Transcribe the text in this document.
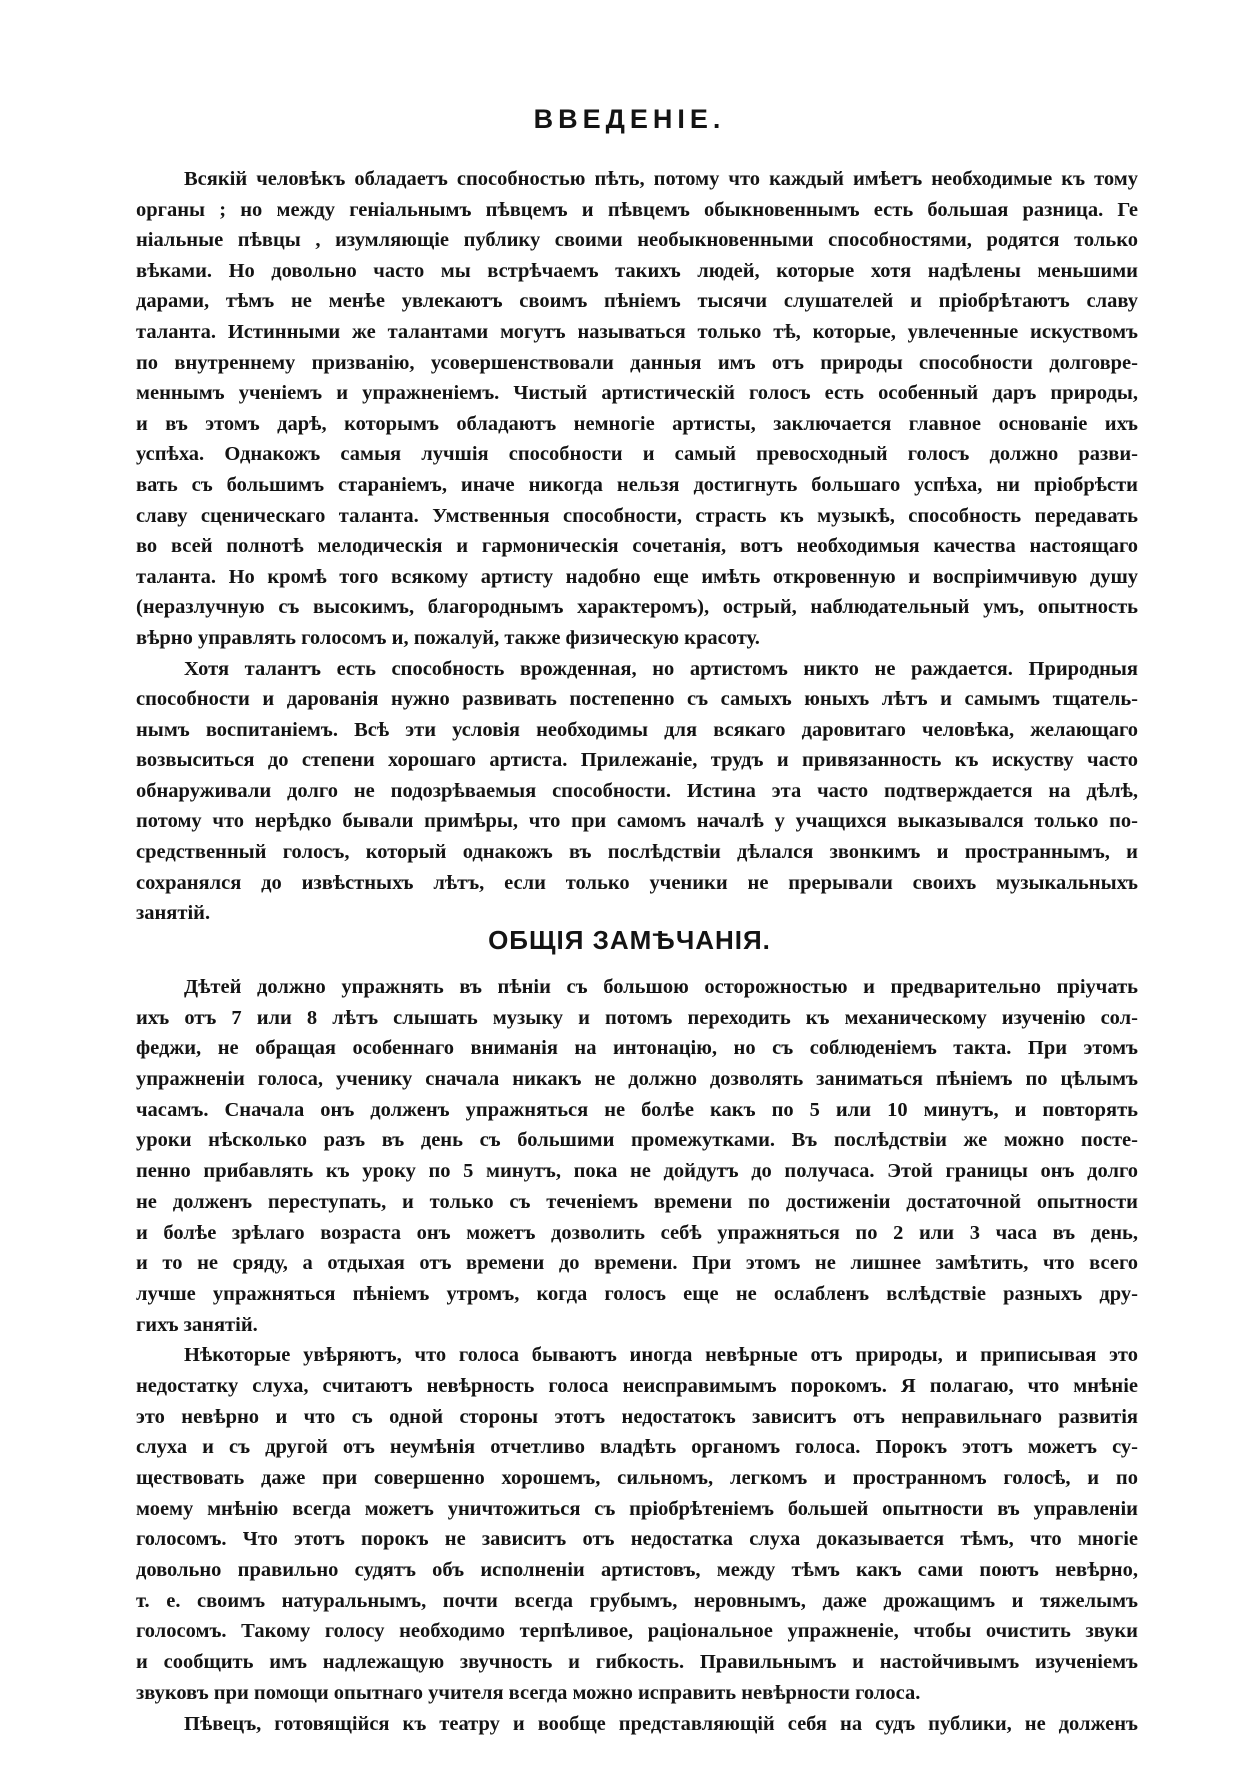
ВВЕДЕНІЕ.
Всякій человѣкъ обладаетъ способностью пѣть, потому что каждый имѣетъ необходимые къ тому
органы ; но между геніальнымъ пѣвцемъ и пѣвцемъ обыкновеннымъ есть большая разница. Ге
ніальные пѣвцы , изумляющіе публику своими необыкновенными способностями, родятся только
вѣками. Но довольно часто мы встрѣчаемъ такихъ людей, которые хотя надѣлены меньшими
дарами, тѣмъ не менѣе увлекаютъ своимъ пѣніемъ тысячи слушателей и пріобрѣтаютъ славу
таланта. Истинными же талантами могутъ называться только тѣ, которые, увлеченные искуствомъ
по внутреннему призванію, усовершенствовали данныя имъ отъ природы способности долговре-
меннымъ ученіемъ и упражненіемъ. Чистый артистическій голосъ есть особенный даръ природы,
и въ этомъ дарѣ, которымъ обладаютъ немногіе артисты, заключается главное основаніе ихъ
успѣха. Однакожъ самыя лучшія способности и самый превосходный голосъ должно разви-
вать съ большимъ стараніемъ, иначе никогда нельзя достигнуть большаго успѣха, ни пріобрѣсти
славу сценическаго таланта. Умственныя способности, страсть къ музыкѣ, способность передавать
во всей полнотѣ мелодическія и гармоническія сочетанія, вотъ необходимыя качества настоящаго
таланта. Но кромѣ того всякому артисту надобно еще имѣть откровенную и воспріимчивую душу
(неразлучную съ высокимъ, благороднымъ характеромъ), острый, наблюдательный умъ, опытность
вѣрно управлять голосомъ и, пожалуй, также физическую красоту.
Хотя талантъ есть способность врожденная, но артистомъ никто не раждается. Природныя
способности и дарованія нужно развивать постепенно съ самыхъ юныхъ лѣтъ и самымъ тщатель-
нымъ воспитаніемъ. Всѣ эти условія необходимы для всякаго даровитаго человѣка, желающаго
возвыситься до степени хорошаго артиста. Прилежаніе, трудъ и привязанность къ искуству часто
обнаруживали долго не подозрѣваемыя способности. Истина эта часто подтверждается на дѣлѣ,
потому что нерѣдко бывали примѣры, что при самомъ началѣ у учащихся выказывался только по-
средственный голосъ, который однакожъ въ послѣдствіи дѣлался звонкимъ и пространнымъ, и
сохранялся до извѣстныхъ лѣтъ, если только ученики не прерывали своихъ музыкальныхъ
занятій.
ОБЩІЯ ЗАМѢЧАНІЯ.
Дѣтей должно упражнять въ пѣніи съ большою осторожностью и предварительно пріучать
ихъ отъ 7 или 8 лѣтъ слышать музыку и потомъ переходить къ механическому изученію сол-
феджи, не обращая особеннаго вниманія на интонацію, но съ соблюденіемъ такта. При этомъ
упражненіи голоса, ученику сначала никакъ не должно дозволять заниматься пѣніемъ по цѣлымъ
часамъ. Сначала онъ долженъ упражняться не болѣе какъ по 5 или 10 минутъ, и повторять
уроки нѣсколько разъ въ день съ большими промежутками. Въ послѣдствіи же можно посте-
пенно прибавлять къ уроку по 5 минутъ, пока не дойдутъ до получаса. Этой границы онъ долго
не долженъ переступать, и только съ теченіемъ времени по достиженіи достаточной опытности
и болѣе зрѣлаго возраста онъ можетъ дозволить себѣ упражняться по 2 или 3 часа въ день,
и то не сряду, а отдыхая отъ времени до времени. При этомъ не лишнее замѣтить, что всего
лучше упражняться пѣніемъ утромъ, когда голосъ еще не ослабленъ вслѣдствіе разныхъ дру-
гихъ занятій.
Нѣкоторые увѣряютъ, что голоса бываютъ иногда невѣрные отъ природы, и приписывая это
недостатку слуха, считаютъ невѣрность голоса неисправимымъ порокомъ. Я полагаю, что мнѣніе
это невѣрно и что съ одной стороны этотъ недостатокъ зависитъ отъ неправильнаго развитія
слуха и съ другой отъ неумѣнія отчетливо владѣть органомъ голоса. Порокъ этотъ можетъ су-
ществовать даже при совершенно хорошемъ, сильномъ, легкомъ и пространномъ голосѣ, и по
моему мнѣнію всегда можетъ уничтожиться съ пріобрѣтеніемъ большей опытности въ управленіи
голосомъ. Что этотъ порокъ не зависитъ отъ недостатка слуха доказывается тѣмъ, что многіе
довольно правильно судятъ объ исполненіи артистовъ, между тѣмъ какъ сами поютъ невѣрно,
т. е. своимъ натуральнымъ, почти всегда грубымъ, неровнымъ, даже дрожащимъ и тяжелымъ
голосомъ. Такому голосу необходимо терпѣливое, раціональное упражненіе, чтобы очистить звуки
и сообщить имъ надлежащую звучность и гибкость. Правильнымъ и настойчивымъ изученіемъ
звуковъ при помощи опытнаго учителя всегда можно исправить невѣрности голоса.
Пѣвецъ, готовящійся къ театру и вообще представляющій себя на судъ публики, не долженъ
